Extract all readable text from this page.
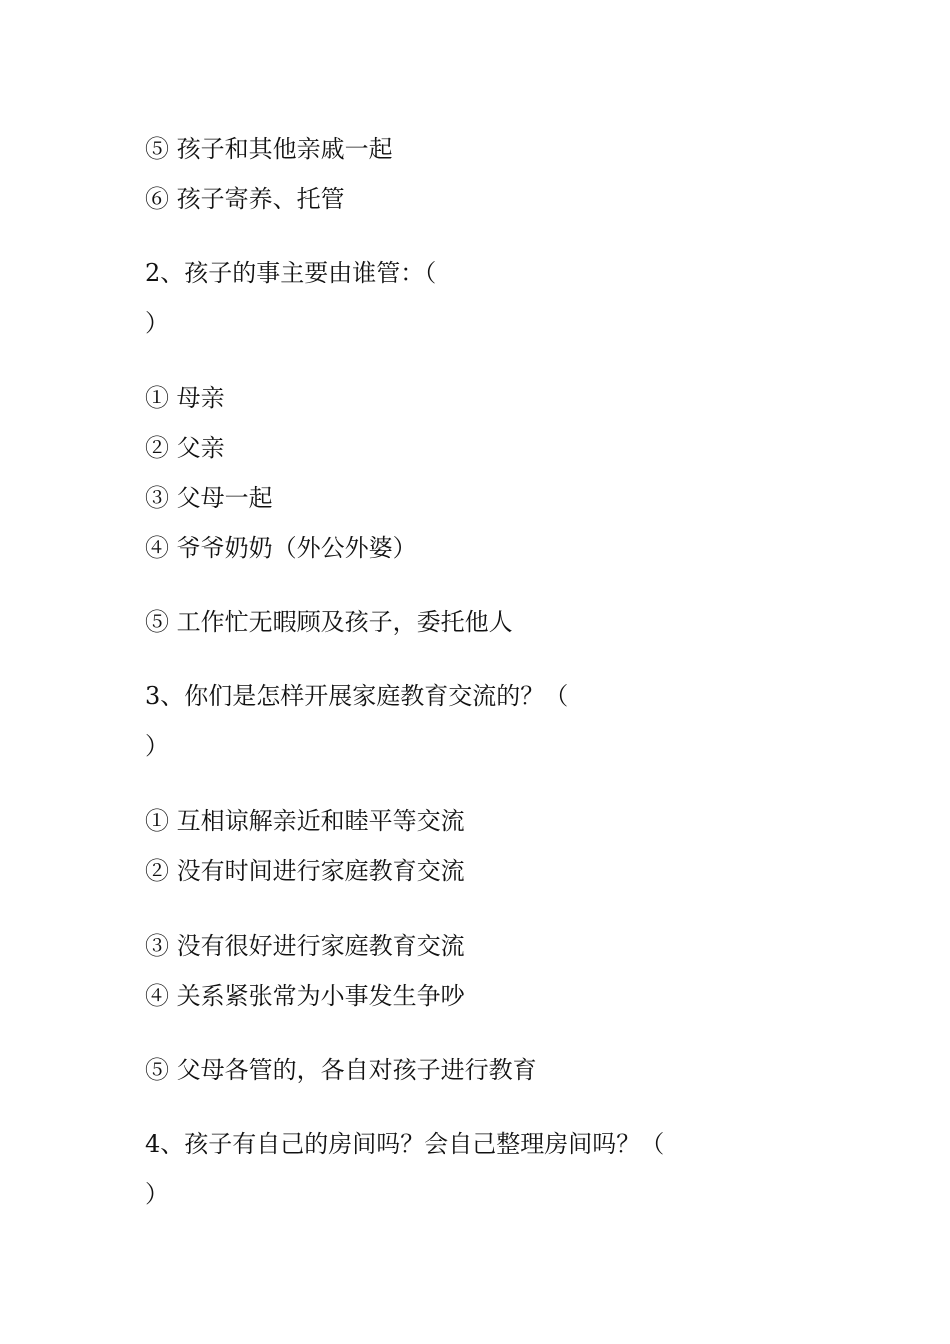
⑤ 孩子和其他亲戚一起

⑥ 孩子寄养、托管

2、孩子的事主要由谁管：（

）

① 母亲

② 父亲

③ 父母一起

④ 爷爷奶奶（外公外婆）

⑤ 工作忙无暇顾及孩子，委托他人

3、你们是怎样开展家庭教育交流的？（

）

① 互相谅解亲近和睦平等交流

② 没有时间进行家庭教育交流

③ 没有很好进行家庭教育交流

④ 关系紧张常为小事发生争吵

⑤ 父母各管的，各自对孩子进行教育

4、孩子有自己的房间吗？会自己整理房间吗？（

）
